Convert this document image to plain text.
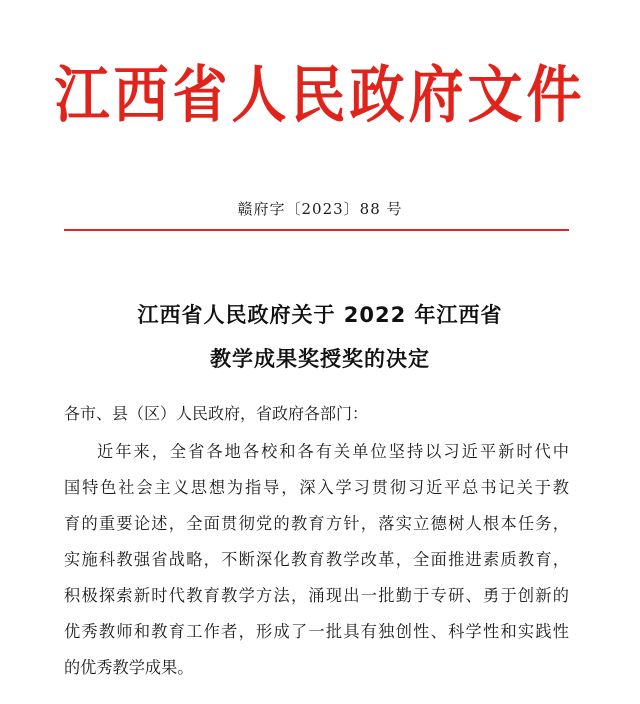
江西省人民政府文件
赣府字〔2023〕88 号
江西省人民政府关于 2022 年江西省
教学成果奖授奖的决定
各市、县（区）人民政府，省政府各部门：
近年来，全省各地各校和各有关单位坚持以习近平新时代中
国特色社会主义思想为指导，深入学习贯彻习近平总书记关于教
育的重要论述，全面贯彻党的教育方针，落实立德树人根本任务，
实施科教强省战略，不断深化教育教学改革，全面推进素质教育，
积极探索新时代教育教学方法，涌现出一批勤于专研、勇于创新的
优秀教师和教育工作者，形成了一批具有独创性、科学性和实践性
的优秀教学成果。
